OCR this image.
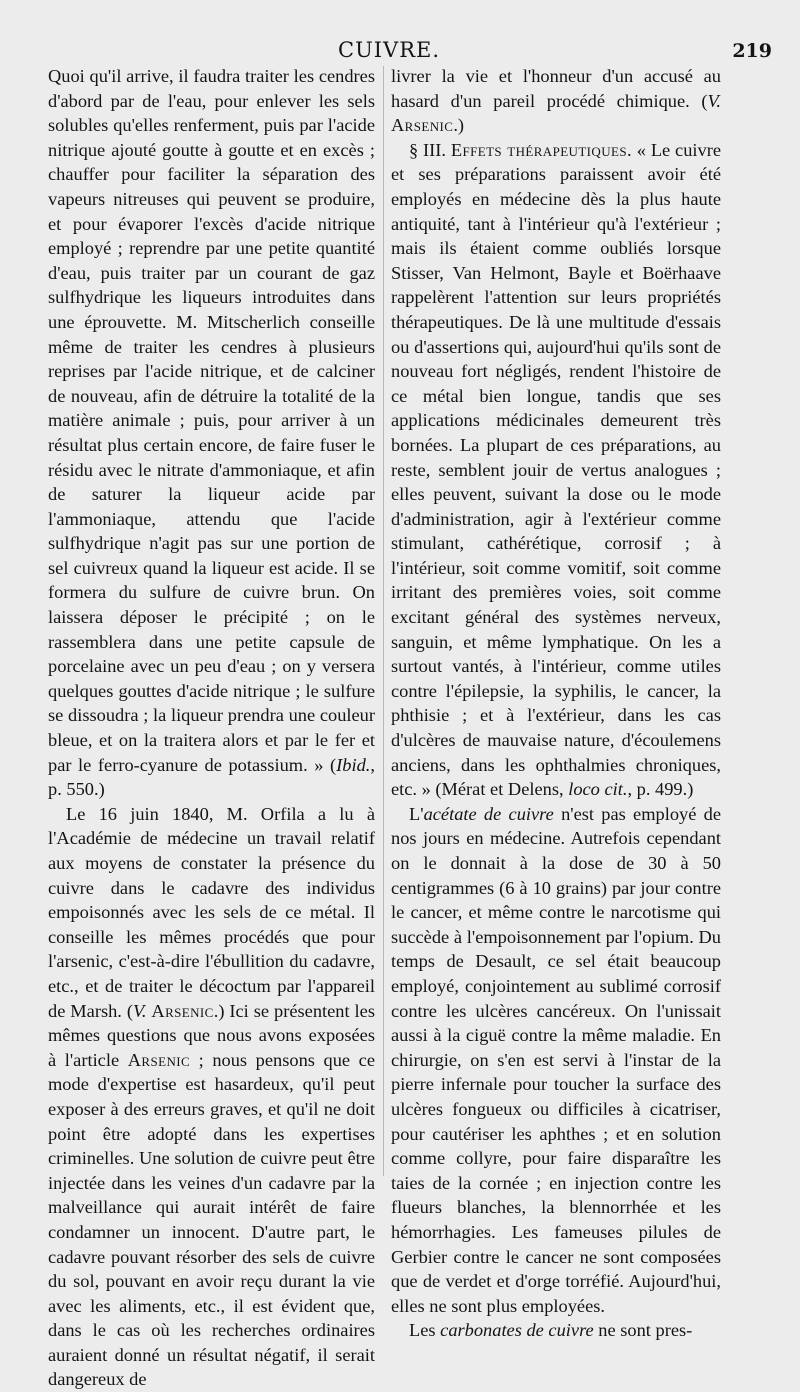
CUIVRE.	219

Quoi qu'il arrive, il faudra traiter les cendres d'abord par de l'eau, pour enlever les sels solubles qu'elles renferment, puis par l'acide nitrique ajouté goutte à goutte et en excès ; chauffer pour faciliter la séparation des vapeurs nitreuses qui peuvent se produire, et pour évaporer l'excès d'acide nitrique employé ; reprendre par une petite quantité d'eau, puis traiter par un courant de gaz sulfhydrique les liqueurs introduites dans une éprouvette. M. Mitscherlich conseille même de traiter les cendres à plusieurs reprises par l'acide nitrique, et de calciner de nouveau, afin de détruire la totalité de la matière animale ; puis, pour arriver à un résultat plus certain encore, de faire fuser le résidu avec le nitrate d'ammoniaque, et afin de saturer la liqueur acide par l'ammoniaque, attendu que l'acide sulfhydrique n'agit pas sur une portion de sel cuivreux quand la liqueur est acide. Il se formera du sulfure de cuivre brun. On laissera déposer le précipité ; on le rassemblera dans une petite capsule de porcelaine avec un peu d'eau ; on y versera quelques gouttes d'acide nitrique ; le sulfure se dissoudra ; la liqueur prendra une couleur bleue, et on la traitera alors et par le fer et par le ferro-cyanure de potassium. » (Ibid., p. 550.)

Le 16 juin 1840, M. Orfila a lu à l'Académie de médecine un travail relatif aux moyens de constater la présence du cuivre dans le cadavre des individus empoisonnés avec les sels de ce métal. Il conseille les mêmes procédés que pour l'arsenic, c'est-à-dire l'ébullition du cadavre, etc., et de traiter le décoctum par l'appareil de Marsh. (V. Arsenic.) Ici se présentent les mêmes questions que nous avons exposées à l'article Arsenic ; nous pensons que ce mode d'expertise est hasardeux, qu'il peut exposer à des erreurs graves, et qu'il ne doit point être adopté dans les expertises criminelles. Une solution de cuivre peut être injectée dans les veines d'un cadavre par la malveillance qui aurait intérêt de faire condamner un innocent. D'autre part, le cadavre pouvant résorber des sels de cuivre du sol, pouvant en avoir reçu durant la vie avec les aliments, etc., il est évident que, dans le cas où les recherches ordinaires auraient donné un résultat négatif, il serait dangereux de

livrer la vie et l'honneur d'un accusé au hasard d'un pareil procédé chimique. (V. Arsenic.)

§ III. Effets thérapeutiques. « Le cuivre et ses préparations paraissent avoir été employés en médecine dès la plus haute antiquité, tant à l'intérieur qu'à l'extérieur ; mais ils étaient comme oubliés lorsque Stisser, Van Helmont, Bayle et Boërhaave rappelèrent l'attention sur leurs propriétés thérapeutiques. De là une multitude d'essais ou d'assertions qui, aujourd'hui qu'ils sont de nouveau fort négligés, rendent l'histoire de ce métal bien longue, tandis que ses applications médicinales demeurent très bornées. La plupart de ces préparations, au reste, semblent jouir de vertus analogues ; elles peuvent, suivant la dose ou le mode d'administration, agir à l'extérieur comme stimulant, cathérétique, corrosif ; à l'intérieur, soit comme vomitif, soit comme irritant des premières voies, soit comme excitant général des systèmes nerveux, sanguin, et même lymphatique. On les a surtout vantés, à l'intérieur, comme utiles contre l'épilepsie, la syphilis, le cancer, la phthisie ; et à l'extérieur, dans les cas d'ulcères de mauvaise nature, d'écoulemens anciens, dans les ophthalmies chroniques, etc. » (Mérat et Delens, loco cit., p. 499.)

L'acétate de cuivre n'est pas employé de nos jours en médecine. Autrefois cependant on le donnait à la dose de 30 à 50 centigrammes (6 à 10 grains) par jour contre le cancer, et même contre le narcotisme qui succède à l'empoisonnement par l'opium. Du temps de Desault, ce sel était beaucoup employé, conjointement au sublimé corrosif contre les ulcères cancéreux. On l'unissait aussi à la ciguë contre la même maladie. En chirurgie, on s'en est servi à l'instar de la pierre infernale pour toucher la surface des ulcères fongueux ou difficiles à cicatriser, pour cautériser les aphthes ; et en solution comme collyre, pour faire disparaître les taies de la cornée ; en injection contre les flueurs blanches, la blennorrhée et les hémorrhagies. Les fameuses pilules de Gerbier contre le cancer ne sont composées que de verdet et d'orge torréfié. Aujourd'hui, elles ne sont plus employées.

Les carbonates de cuivre ne sont pres-
